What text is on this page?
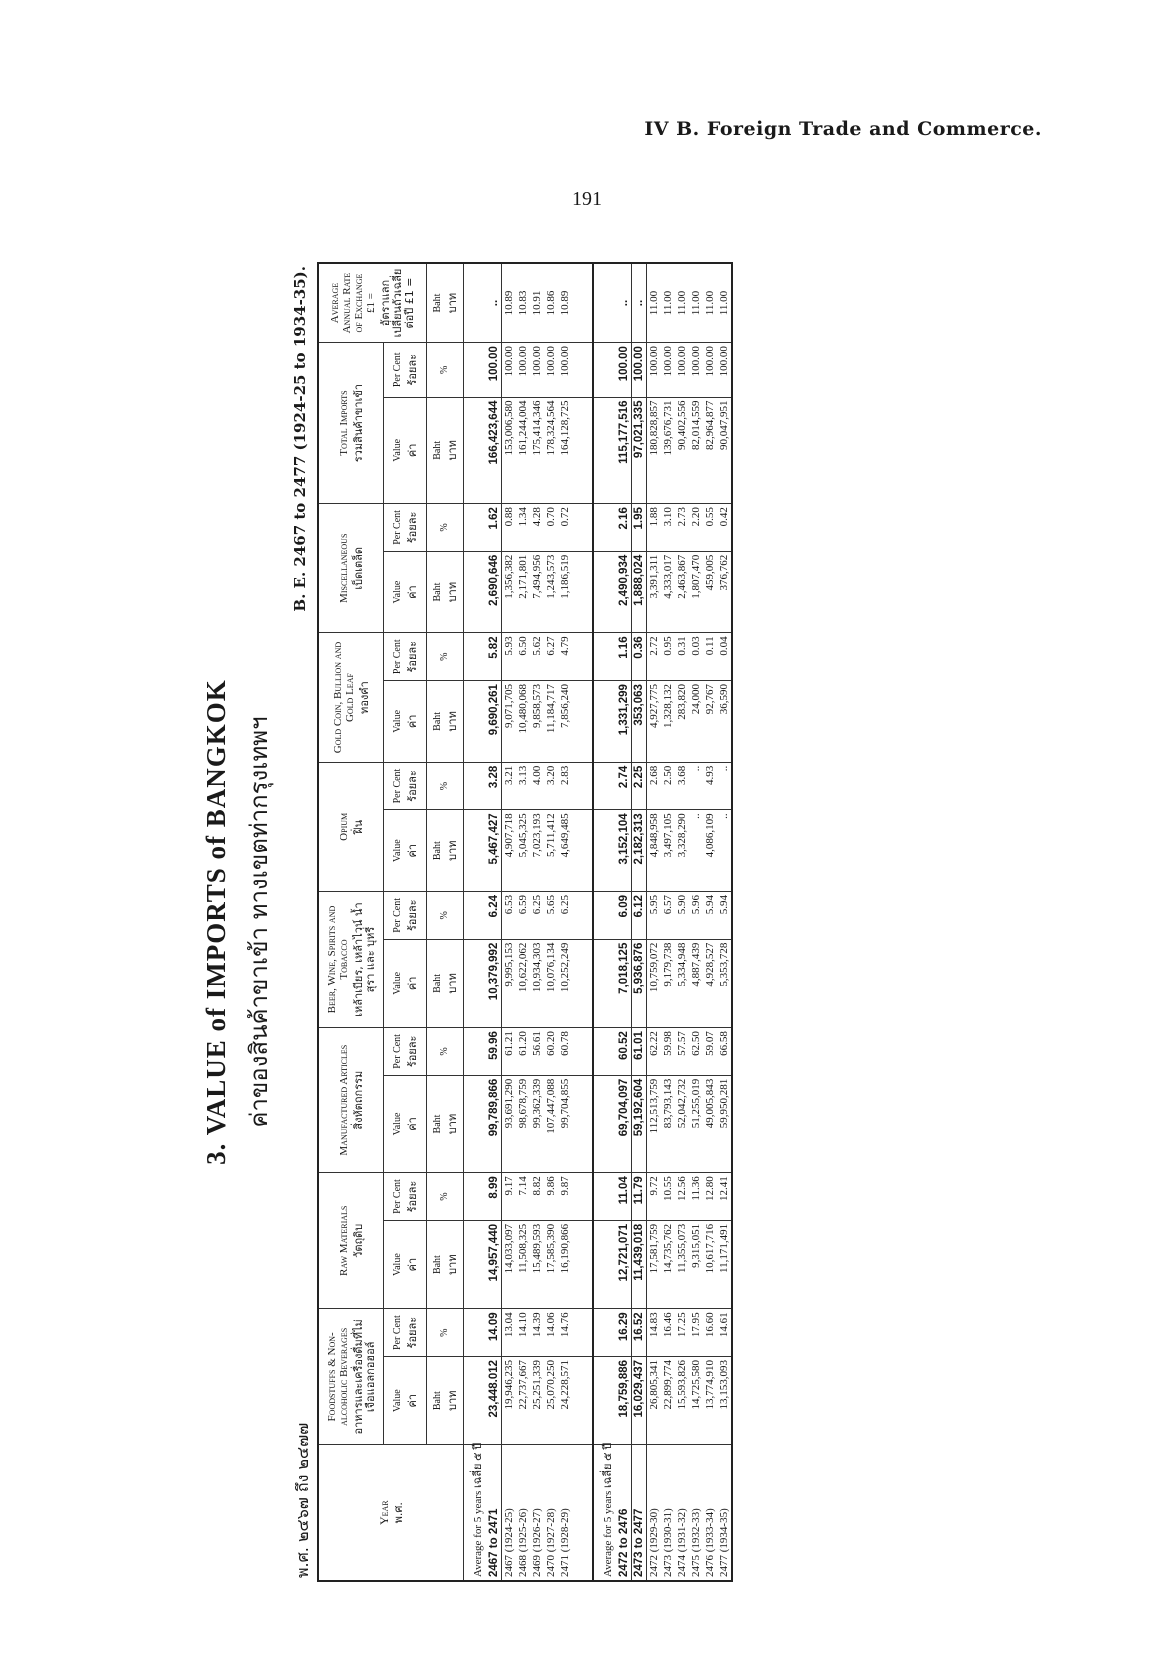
IV B. Foreign Trade and Commerce.
191
3. VALUE of IMPORTS of BANGKOK ค่าของสินค้าขาเข้า ทางเขตท่ากรุงเทพฯ
พ.ศ. ๒๔๖๗ ถึง ๒๔๗๗
B. E. 2467 to 2477 (1924-25 to 1934-35).
Year พ.ศ.	Foodstuffs & Non-alcoholic Beverages อาหารและเครื่องดื่มที่ไม่เจือแอลกอฮอล์		Raw Materials วัตถุดิบ		Manufactured Articles สิ่งหัตถกรรม		Beer, Wine, Spirits and Tobacco เหล้าเบียร, เหล้าไวน์ น้ำสุรา และ บุหรี่		Opium ฝิ่น		Gold Coin, Bullion and Gold Leaf ทองคำ		Miscellaneous เบ็ดเตล็ด		Total Imports รวมสินค้าขาเข้า		Average Annual Rate of Exchange £1 = อัตราแลกเปลี่ยนถัวเฉลี่ยต่อปี £1 =

	Value ค่า	Per Cent ร้อยละ	Value ค่า	Per Cent ร้อยละ	Value ค่า	Per Cent ร้อยละ	Value ค่า	Per Cent ร้อยละ	Value ค่า	Per Cent ร้อยละ	Value ค่า	Per Cent ร้อยละ	Value ค่า	Per Cent ร้อยละ	Value ค่า	Per Cent ร้อยละ	

	Baht บาท	%	Baht บาท	%	Baht บาท	%	Baht บาท	%	Baht บาท	%	Baht บาท	%	Baht บาท	%	Baht บาท	%	Baht บาท

Average for 5 years เฉลี่ย ๕ ปี																	
2467 to 2471	23,448.012	14.09	14,957,440	8.99	99,789,866	59.96	10,379,992	6.24	5,467,427	3.28	9,690,261	5.82	2,690,646	1.62	166,423,644	100.00	..
2467 (1924-25)	19,946,235	13.04	14,033,097	9.17	93,691,290	61.21	9,995,153	6.53	4,907,718	3.21	9,071,705	5.93	1,356,382	0.88	153,006,580	100.00	10.89
2468 (1925-26)	22,737,667	14.10	11,508,325	7.14	98,678,759	61.20	10,622,062	6.59	5,045,325	3.13	10,480,068	6.50	2,171,801	1.34	161,244,004	100.00	10.83
2469 (1926-27)	25,251,339	14.39	15,489,593	8.82	99,362,339	56.61	10,934,303	6.25	7,023,193	4.00	9,858,573	5.62	7,494,956	4.28	175,414,346	100.00	10.91
2470 (1927-28)	25,070,250	14.06	17,585,390	9.86	107,447,088	60.20	10,076,134	5.65	5,711,412	3.20	11,184,717	6.27	1,243,573	0.70	178,324,564	100.00	10.86
2471 (1928-29)	24,228,571	14.76	16,190,866	9.87	99,704,855	60.78	10,252,249	6.25	4,649,485	2.83	7,856,240	4.79	1,186,519	0.72	164,128,725	100.00	10.89

Average for 5 years เฉลี่ย ๕ ปี																	
2472 to 2476	18,759,886	16.29	12,721,071	11.04	69,704,097	60.52	7,018,125	6.09	3,152,104	2.74	1,331,299	1.16	2,490,934	2.16	115,177,516	100.00	..
2473 to 2477	16,029,437	16.52	11,439,018	11.79	59,192,604	61.01	5,936,876	6.12	2,182,313	2.25	353,063	0.36	1,888,024	1.95	97,021,335	100.00	..
2472 (1929-30)	26,805,341	14.83	17,581,759	9.72	112,513,759	62.22	10,759,072	5.95	4,848,958	2.68	4,927,775	2.72	3,391,311	1.88	180,828,857	100.00	11.00
2473 (1930-31)	22,899,774	16.46	14,735,762	10.55	83,793,143	59.98	9,179,738	6.57	3,497,105	2.50	1,328,132	0.95	4,333,017	3.10	139,676,731	100.00	11.00
2474 (1931-32)	15,593,826	17.25	11,355,073	12.56	52,042,732	57.57	5,334,948	5.90	3,328,290	3.68	283,820	0.31	2,463,867	2.73	90,402,556	100.00	11.00
2475 (1932-33)	14,725,580	17.95	9,315,051	11.36	51,255,019	62.50	4,887,439	5.96	..	..	24,000	0.03	1,807,470	2.20	82,014,559	100.00	11.00
2476 (1933-34)	13,774,910	16.60	10,617,716	12.80	49,005,843	59.07	4,928,527	5.94	4,086,109	4.93	92,767	0.11	459,005	0.55	82,964,877	100.00	11.00
2477 (1934-35)	13,153,093	14.61	11,171,491	12.41	59,950,281	66.58	5,353,728	5.94	..	..	36,590	0.04	376,762	0.42	90,047,951	100.00	11.00
